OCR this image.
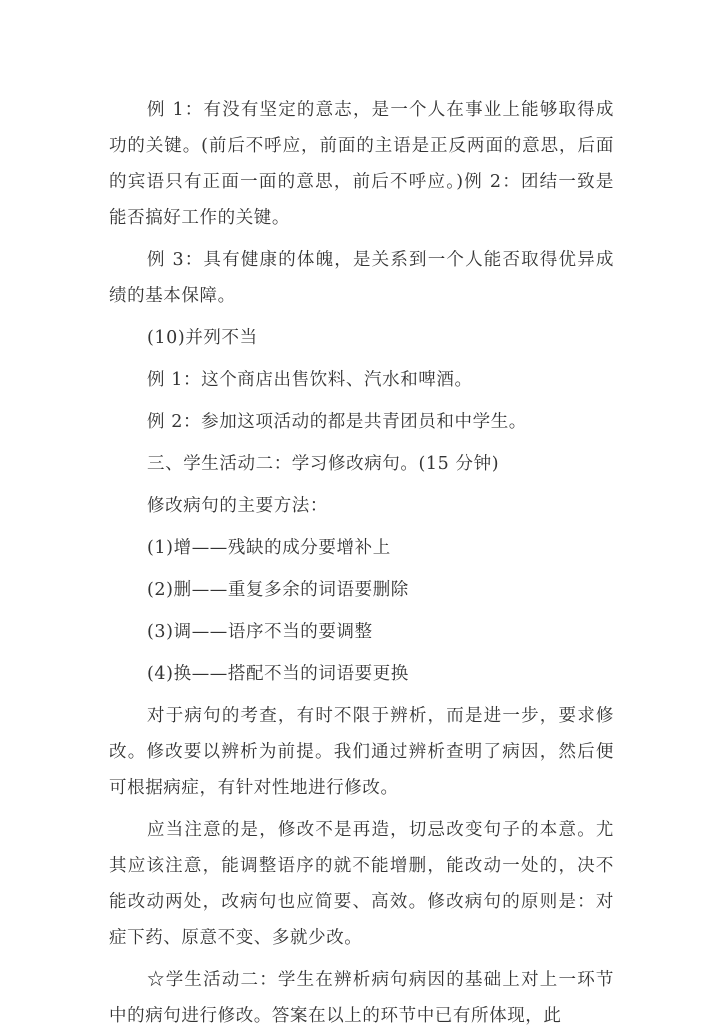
例 1：有没有坚定的意志，是一个人在事业上能够取得成功的关键。(前后不呼应，前面的主语是正反两面的意思，后面的宾语只有正面一面的意思，前后不呼应。)例 2：团结一致是能否搞好工作的关键。

例 3：具有健康的体魄，是关系到一个人能否取得优异成绩的基本保障。

(10)并列不当

例 1：这个商店出售饮料、汽水和啤酒。

例 2：参加这项活动的都是共青团员和中学生。

三、学生活动二：学习修改病句。(15 分钟)

修改病句的主要方法：

(1)增——残缺的成分要增补上

(2)删——重复多余的词语要删除

(3)调——语序不当的要调整

(4)换——搭配不当的词语要更换

对于病句的考查，有时不限于辨析，而是进一步，要求修改。修改要以辨析为前提。我们通过辨析查明了病因，然后便可根据病症，有针对性地进行修改。

应当注意的是，修改不是再造，切忌改变句子的本意。尤其应该注意，能调整语序的就不能增删，能改动一处的，决不能改动两处，改病句也应简要、高效。修改病句的原则是：对症下药、原意不变、多就少改。

☆学生活动二：学生在辨析病句病因的基础上对上一环节中的病句进行修改。答案在以上的环节中已有所体现，此
